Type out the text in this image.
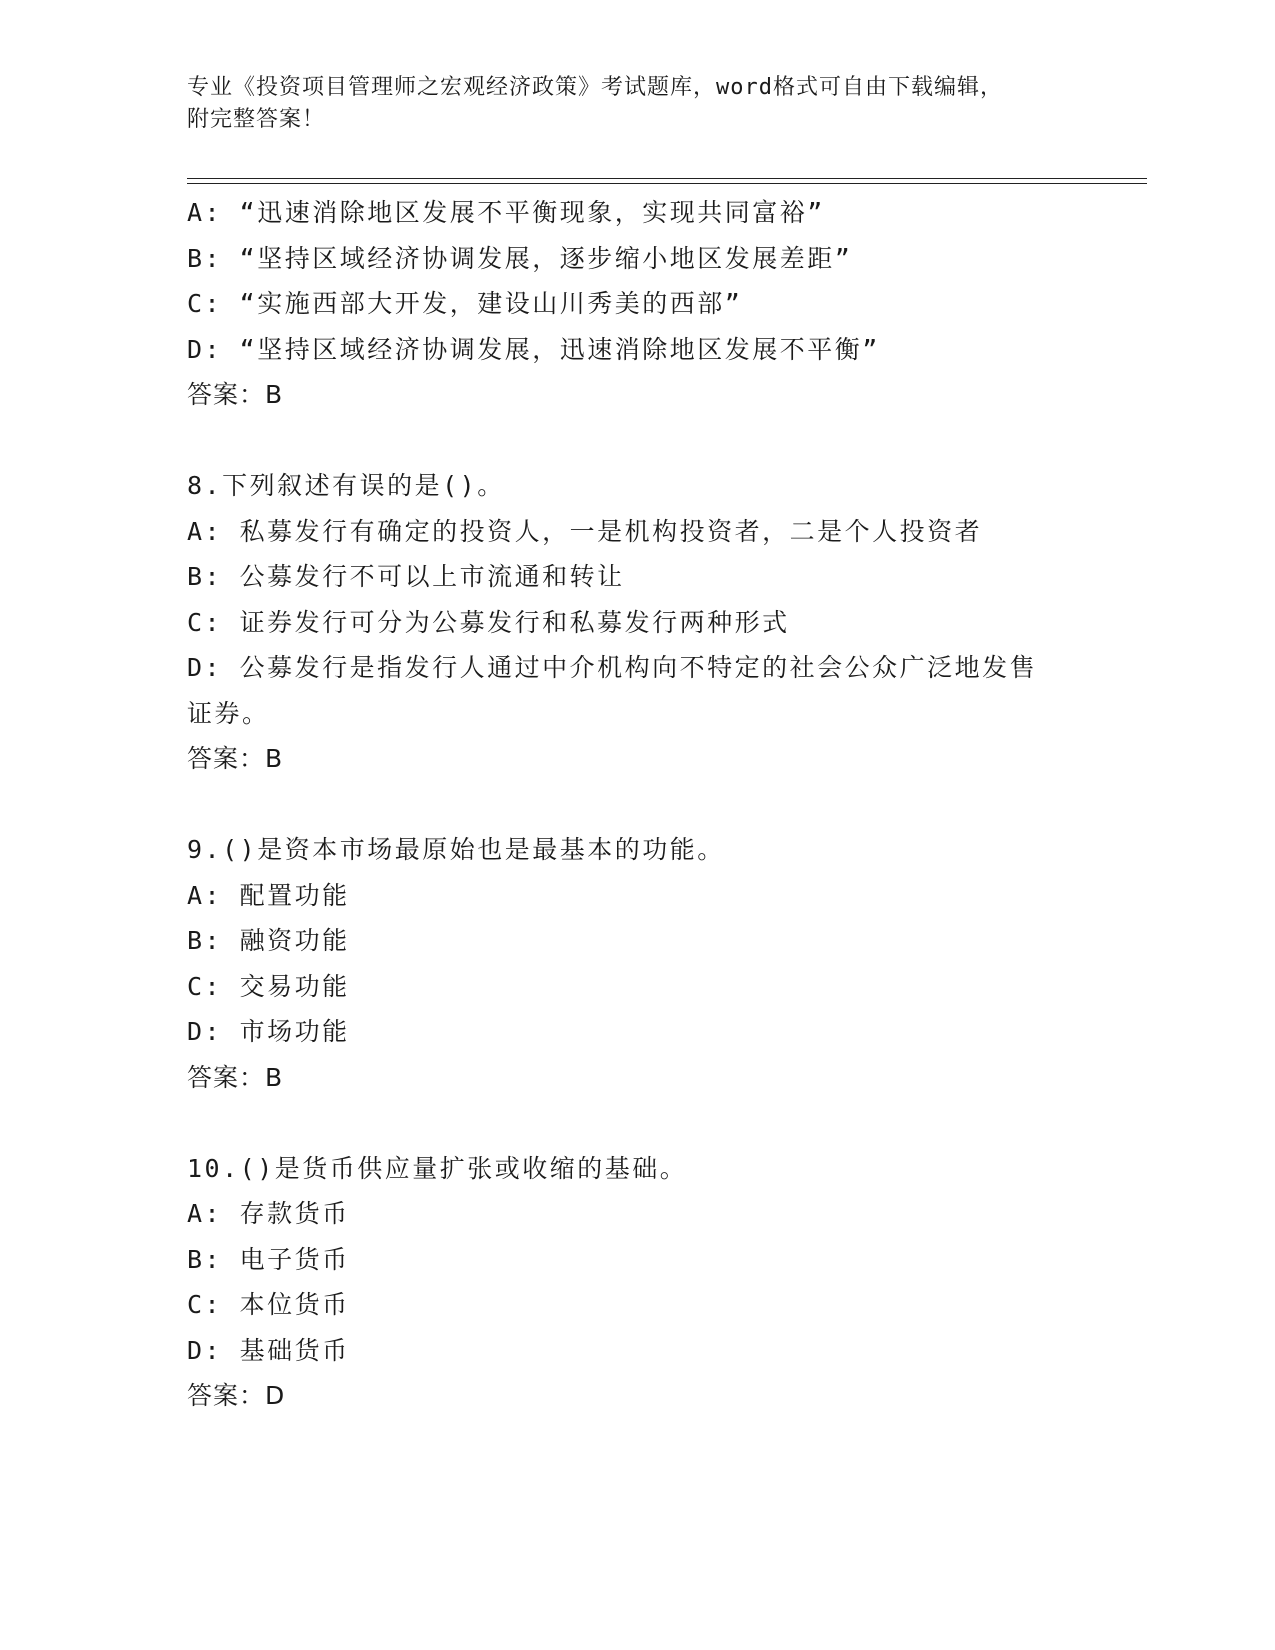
专业《投资项目管理师之宏观经济政策》考试题库，word格式可自由下载编辑，
附完整答案！
A: “迅速消除地区发展不平衡现象，实现共同富裕”
B: “坚持区域经济协调发展，逐步缩小地区发展差距”
C: “实施西部大开发，建设山川秀美的西部”
D: “坚持区域经济协调发展，迅速消除地区发展不平衡”
答案：B
8.下列叙述有误的是()。
A: 私募发行有确定的投资人，一是机构投资者，二是个人投资者
B: 公募发行不可以上市流通和转让
C: 证券发行可分为公募发行和私募发行两种形式
D: 公募发行是指发行人通过中介机构向不特定的社会公众广泛地发售
证券。
答案：B
9.()是资本市场最原始也是最基本的功能。
A: 配置功能
B: 融资功能
C: 交易功能
D: 市场功能
答案：B
10.()是货币供应量扩张或收缩的基础。
A: 存款货币
B: 电子货币
C: 本位货币
D: 基础货币
答案：D
